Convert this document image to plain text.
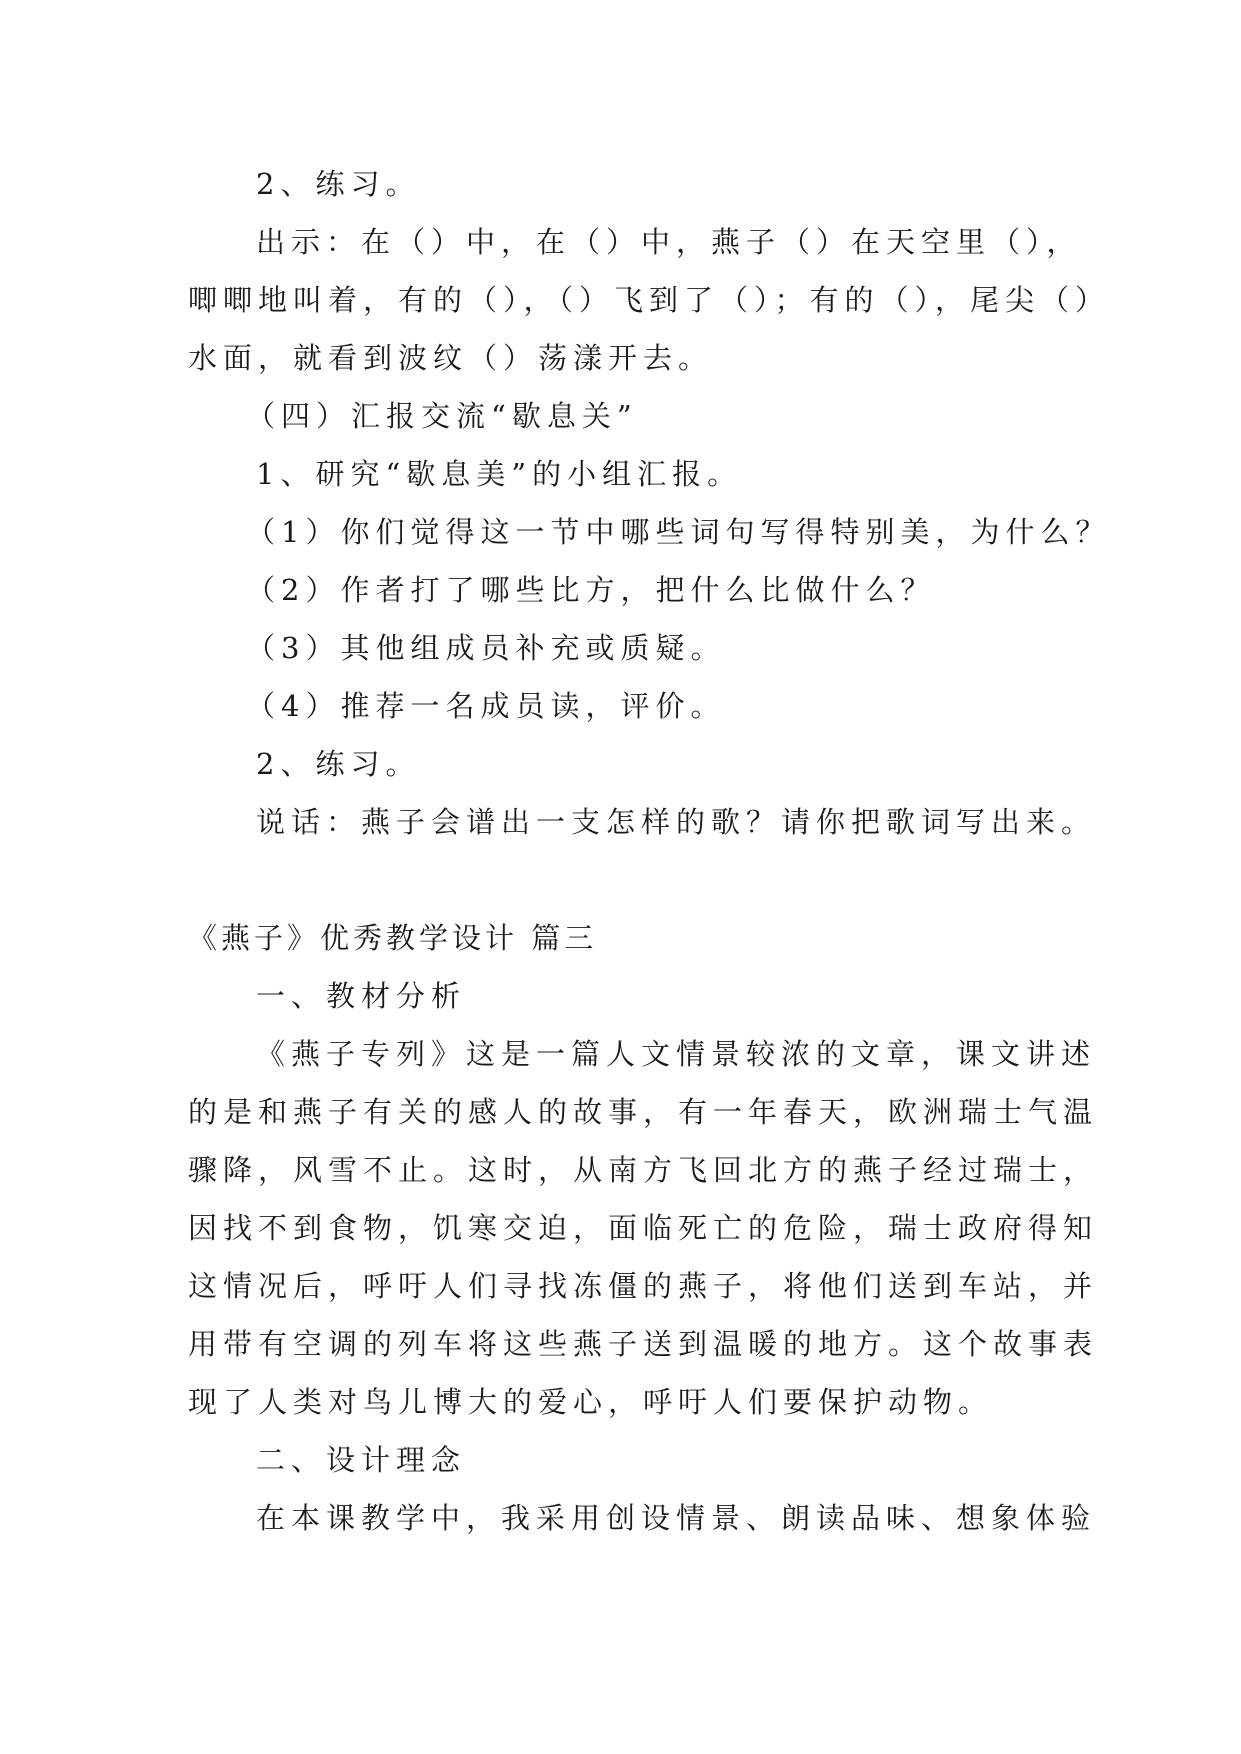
2、练习。
出示：在（）中，在（）中，燕子（）在天空里（），
唧唧地叫着，有的（），（）飞到了（）；有的（），尾尖（）
水面，就看到波纹（）荡漾开去。
（四）汇报交流“歇息关”
1、研究“歇息美”的小组汇报。
（1）你们觉得这一节中哪些词句写得特别美，为什么？
（2）作者打了哪些比方，把什么比做什么？
（3）其他组成员补充或质疑。
（4）推荐一名成员读，评价。
2、练习。
说话：燕子会谱出一支怎样的歌？请你把歌词写出来。
《燕子》优秀教学设计 篇三
一、教材分析
《燕子专列》这是一篇人文情景较浓的文章，课文讲述
的是和燕子有关的感人的故事，有一年春天，欧洲瑞士气温
骤降，风雪不止。这时，从南方飞回北方的燕子经过瑞士，
因找不到食物，饥寒交迫，面临死亡的危险，瑞士政府得知
这情况后，呼吁人们寻找冻僵的燕子，将他们送到车站，并
用带有空调的列车将这些燕子送到温暖的地方。这个故事表
现了人类对鸟儿博大的爱心，呼吁人们要保护动物。
二、设计理念
在本课教学中，我采用创设情景、朗读品味、想象体验
